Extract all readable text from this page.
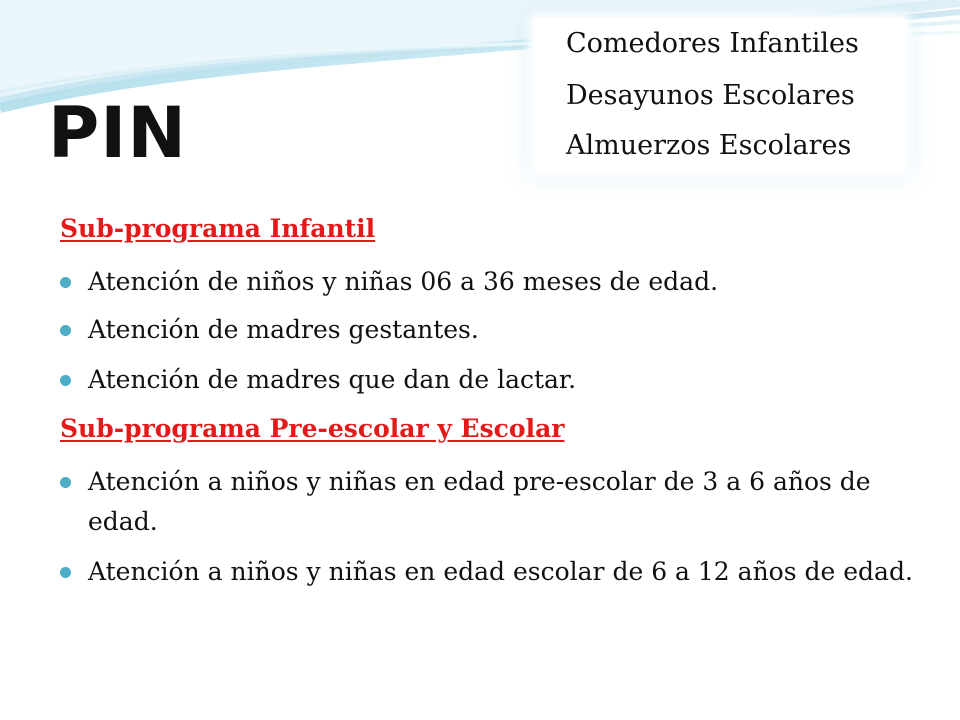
PIN
Comedores Infantiles
Desayunos Escolares
Almuerzos Escolares
Sub-programa Infantil
Atención de niños y niñas 06 a 36 meses de edad.
Atención de madres gestantes.
Atención de madres que dan de lactar.
Sub-programa Pre-escolar y Escolar
Atención a niños y niñas en edad pre-escolar de 3 a 6 años de edad.
Atención a niños y niñas en edad escolar de 6 a 12 años de edad.
